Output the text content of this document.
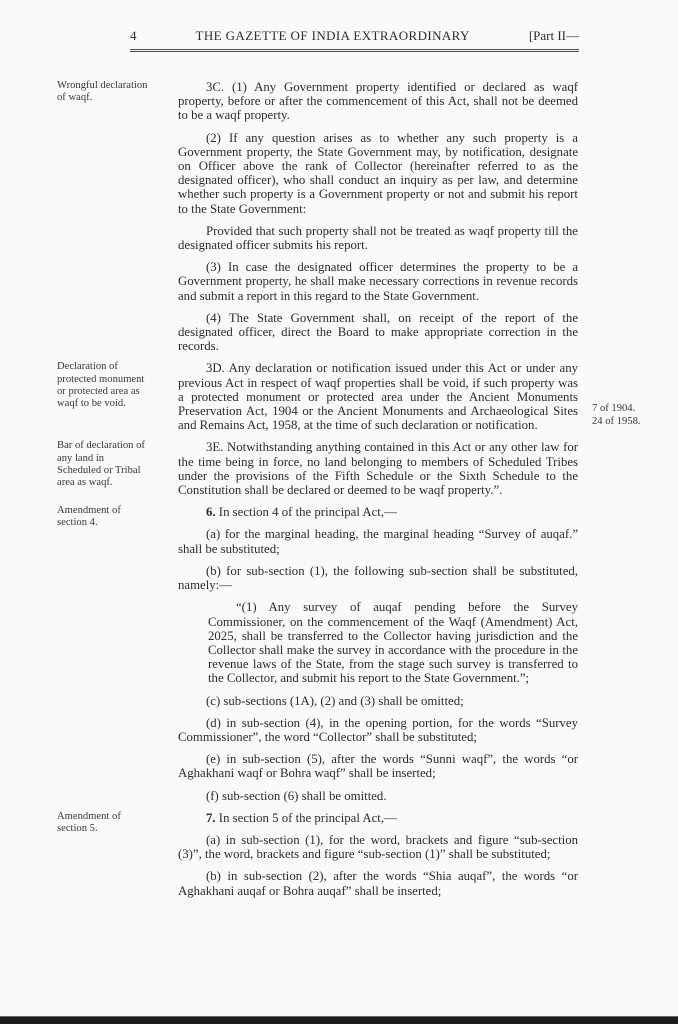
4	THE GAZETTE OF INDIA EXTRAORDINARY	[Part II—
Wrongful declaration of waqf.

3C. (1) Any Government property identified or declared as waqf property, before or after the commencement of this Act, shall not be deemed to be a waqf property.

(2) If any question arises as to whether any such property is a Government property, the State Government may, by notification, designate on Officer above the rank of Collector (hereinafter referred to as the designated officer), who shall conduct an inquiry as per law, and determine whether such property is a Government property or not and submit his report to the State Government:

Provided that such property shall not be treated as waqf property till the designated officer submits his report.

(3) In case the designated officer determines the property to be a Government property, he shall make necessary corrections in revenue records and submit a report in this regard to the State Government.

(4) The State Government shall, on receipt of the report of the designated officer, direct the Board to make appropriate correction in the records.

Declaration of protected monument or protected area as waqf to be void.

3D. Any declaration or notification issued under this Act or under any previous Act in respect of waqf properties shall be void, if such property was a protected monument or protected area under the Ancient Monuments Preservation Act, 1904 or the Ancient Monuments and Archaeological Sites and Remains Act, 1958, at the time of such declaration or notification.

7 of 1904.
24 of 1958.
Bar of declaration of any land in Scheduled or Tribal area as waqf.

3E. Notwithstanding anything contained in this Act or any other law for the time being in force, no land belonging to members of Scheduled Tribes under the provisions of the Fifth Schedule or the Sixth Schedule to the Constitution shall be declared or deemed to be waqf property.”.

Amendment of section 4.

6. In section 4 of the principal Act,—

(a) for the marginal heading, the marginal heading “Survey of auqaf.” shall be substituted;

(b) for sub-section (1), the following sub-section shall be substituted, namely:—

“(1) Any survey of auqaf pending before the Survey Commissioner, on the commencement of the Waqf (Amendment) Act, 2025, shall be transferred to the Collector having jurisdiction and the Collector shall make the survey in accordance with the procedure in the revenue laws of the State, from the stage such survey is transferred to the Collector, and submit his report to the State Government.”;

(c) sub-sections (1A), (2) and (3) shall be omitted;

(d) in sub-section (4), in the opening portion, for the words “Survey Commissioner”, the word “Collector” shall be substituted;

(e) in sub-section (5), after the words “Sunni waqf”, the words “or Aghakhani waqf or Bohra waqf” shall be inserted;

(f) sub-section (6) shall be omitted.

Amendment of section 5.

7. In section 5 of the principal Act,—

(a) in sub-section (1), for the word, brackets and figure “sub-section (3)”, the word, brackets and figure “sub-section (1)” shall be substituted;

(b) in sub-section (2), after the words “Shia auqaf”, the words “or Aghakhani auqaf or Bohra auqaf” shall be inserted;
